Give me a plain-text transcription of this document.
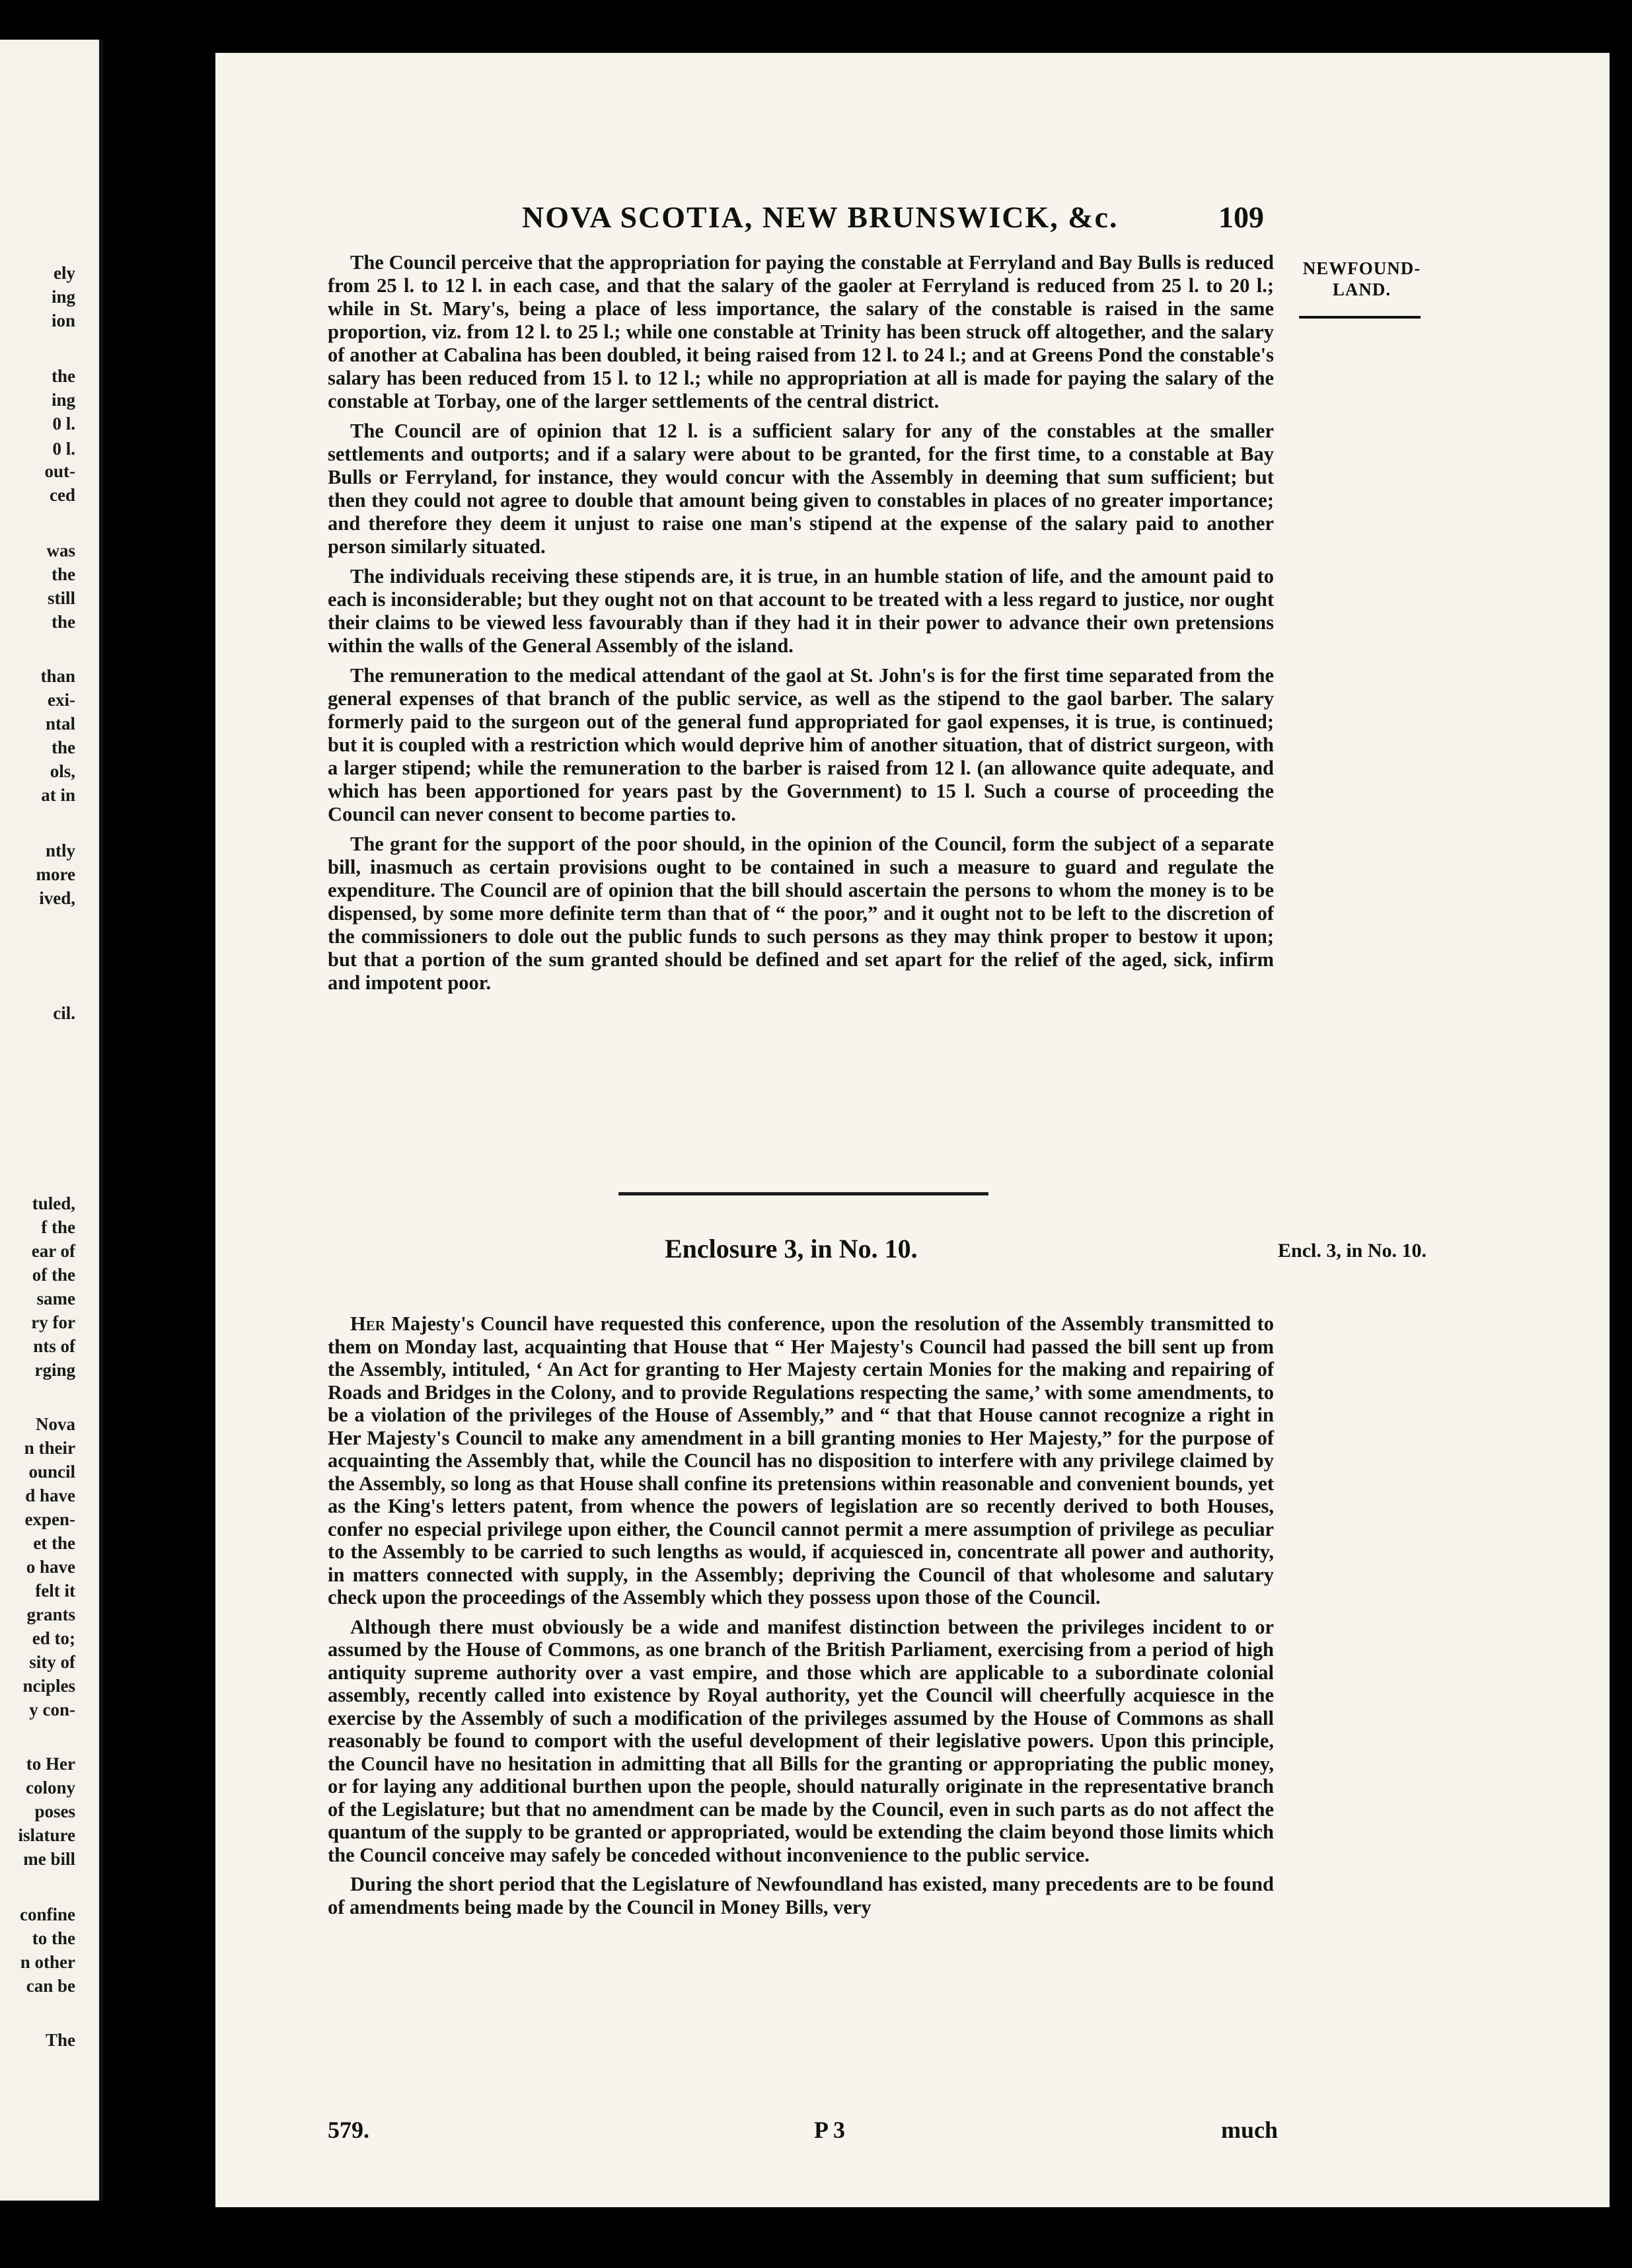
ely
ing
ion
the
ing
0 l.
0 l.
out-
ced
was
the
still
the
than
exi-
ntal
the
ols,
at in
ntly
more
ived,
cil.
tuled,
f the
ear of
of the
same
ry for
nts of
rging
Nova
n their
ouncil
d have
expen-
et the
o have
felt it
grants
ed to;
sity of
nciples
y con-
to Her
colony
poses
islature
me bill
confine
to the
n other
can be
The
NOVA SCOTIA, NEW BRUNSWICK, &c.	109
NEWFOUND-
LAND.

The Council perceive that the appropriation for paying the constable at Ferryland and Bay Bulls is reduced from 25 l. to 12 l. in each case, and that the salary of the gaoler at Ferryland is reduced from 25 l. to 20 l.; while in St. Mary's, being a place of less importance, the salary of the constable is raised in the same proportion, viz. from 12 l. to 25 l.; while one constable at Trinity has been struck off altogether, and the salary of another at Cabalina has been doubled, it being raised from 12 l. to 24 l.; and at Greens Pond the constable's salary has been reduced from 15 l. to 12 l.; while no appropriation at all is made for paying the salary of the constable at Torbay, one of the larger settlements of the central district.

The Council are of opinion that 12 l. is a sufficient salary for any of the constables at the smaller settlements and outports; and if a salary were about to be granted, for the first time, to a constable at Bay Bulls or Ferryland, for instance, they would concur with the Assembly in deeming that sum sufficient; but then they could not agree to double that amount being given to constables in places of no greater importance; and therefore they deem it unjust to raise one man's stipend at the expense of the salary paid to another person similarly situated.

The individuals receiving these stipends are, it is true, in an humble station of life, and the amount paid to each is inconsiderable; but they ought not on that account to be treated with a less regard to justice, nor ought their claims to be viewed less favourably than if they had it in their power to advance their own pretensions within the walls of the General Assembly of the island.

The remuneration to the medical attendant of the gaol at St. John's is for the first time separated from the general expenses of that branch of the public service, as well as the stipend to the gaol barber. The salary formerly paid to the surgeon out of the general fund appropriated for gaol expenses, it is true, is continued; but it is coupled with a restriction which would deprive him of another situation, that of district surgeon, with a larger stipend; while the remuneration to the barber is raised from 12 l. (an allowance quite adequate, and which has been apportioned for years past by the Government) to 15 l. Such a course of proceeding the Council can never consent to become parties to.

The grant for the support of the poor should, in the opinion of the Council, form the subject of a separate bill, inasmuch as certain provisions ought to be contained in such a measure to guard and regulate the expenditure. The Council are of opinion that the bill should ascertain the persons to whom the money is to be dispensed, by some more definite term than that of “ the poor,” and it ought not to be left to the discretion of the commissioners to dole out the public funds to such persons as they may think proper to bestow it upon; but that a portion of the sum granted should be defined and set apart for the relief of the aged, sick, infirm and impotent poor.

Enclosure 3, in No. 10.	Encl. 3, in No. 10.

Her Majesty's Council have requested this conference, upon the resolution of the Assembly transmitted to them on Monday last, acquainting that House that “ Her Majesty's Council had passed the bill sent up from the Assembly, intituled, ‘ An Act for granting to Her Majesty certain Monies for the making and repairing of Roads and Bridges in the Colony, and to provide Regulations respecting the same,’ with some amendments, to be a violation of the privileges of the House of Assembly,” and “ that that House cannot recognize a right in Her Majesty's Council to make any amendment in a bill granting monies to Her Majesty,” for the purpose of acquainting the Assembly that, while the Council has no disposition to interfere with any privilege claimed by the Assembly, so long as that House shall confine its pretensions within reasonable and convenient bounds, yet as the King's letters patent, from whence the powers of legislation are so recently derived to both Houses, confer no especial privilege upon either, the Council cannot permit a mere assumption of privilege as peculiar to the Assembly to be carried to such lengths as would, if acquiesced in, concentrate all power and authority, in matters connected with supply, in the Assembly; depriving the Council of that wholesome and salutary check upon the proceedings of the Assembly which they possess upon those of the Council.

Although there must obviously be a wide and manifest distinction between the privileges incident to or assumed by the House of Commons, as one branch of the British Parliament, exercising from a period of high antiquity supreme authority over a vast empire, and those which are applicable to a subordinate colonial assembly, recently called into existence by Royal authority, yet the Council will cheerfully acquiesce in the exercise by the Assembly of such a modification of the privileges assumed by the House of Commons as shall reasonably be found to comport with the useful development of their legislative powers. Upon this principle, the Council have no hesitation in admitting that all Bills for the granting or appropriating the public money, or for laying any additional burthen upon the people, should naturally originate in the representative branch of the Legislature; but that no amendment can be made by the Council, even in such parts as do not affect the quantum of the supply to be granted or appropriated, would be extending the claim beyond those limits which the Council conceive may safely be conceded without inconvenience to the public service.

During the short period that the Legislature of Newfoundland has existed, many precedents are to be found of amendments being made by the Council in Money Bills, very

579.	P 3	much
